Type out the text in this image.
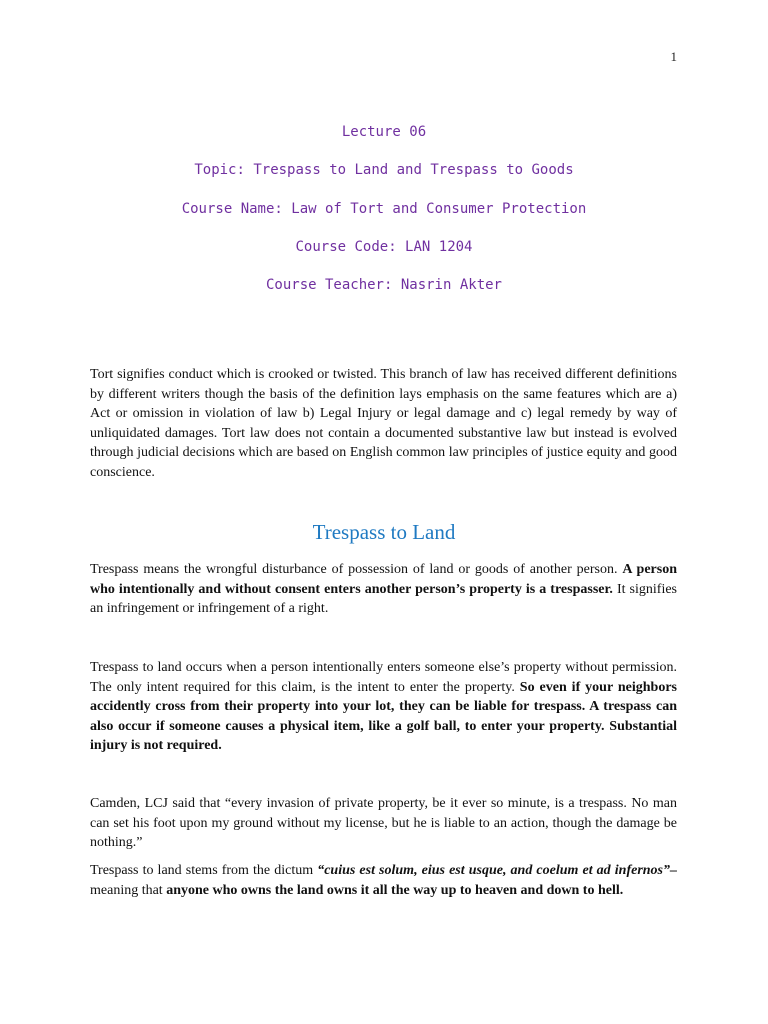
1
Lecture 06
Topic: Trespass to Land and Trespass to Goods
Course Name: Law of Tort and Consumer Protection
Course Code: LAN 1204
Course Teacher: Nasrin Akter

Tort signifies conduct which is crooked or twisted. This branch of law has received different definitions by different writers though the basis of the definition lays emphasis on the same features which are a) Act or omission in violation of law b) Legal Injury or legal damage and c) legal remedy by way of unliquidated damages. Tort law does not contain a documented substantive law but instead is evolved through judicial decisions which are based on English common law principles of justice equity and good conscience.

Trespass to Land

Trespass means the wrongful disturbance of possession of land or goods of another person. A person who intentionally and without consent enters another person’s property is a trespasser. It signifies an infringement or infringement of a right.

Trespass to land occurs when a person intentionally enters someone else’s property without permission. The only intent required for this claim, is the intent to enter the property. So even if your neighbors accidently cross from their property into your lot, they can be liable for trespass. A trespass can also occur if someone causes a physical item, like a golf ball, to enter your property. Substantial injury is not required.

Camden, LCJ said that “every invasion of private property, be it ever so minute, is a trespass. No man can set his foot upon my ground without my license, but he is liable to an action, though the damage be nothing.”

Trespass to land stems from the dictum “cuius est solum, eius est usque, and coelum et ad infernos”– meaning that anyone who owns the land owns it all the way up to heaven and down to hell.
